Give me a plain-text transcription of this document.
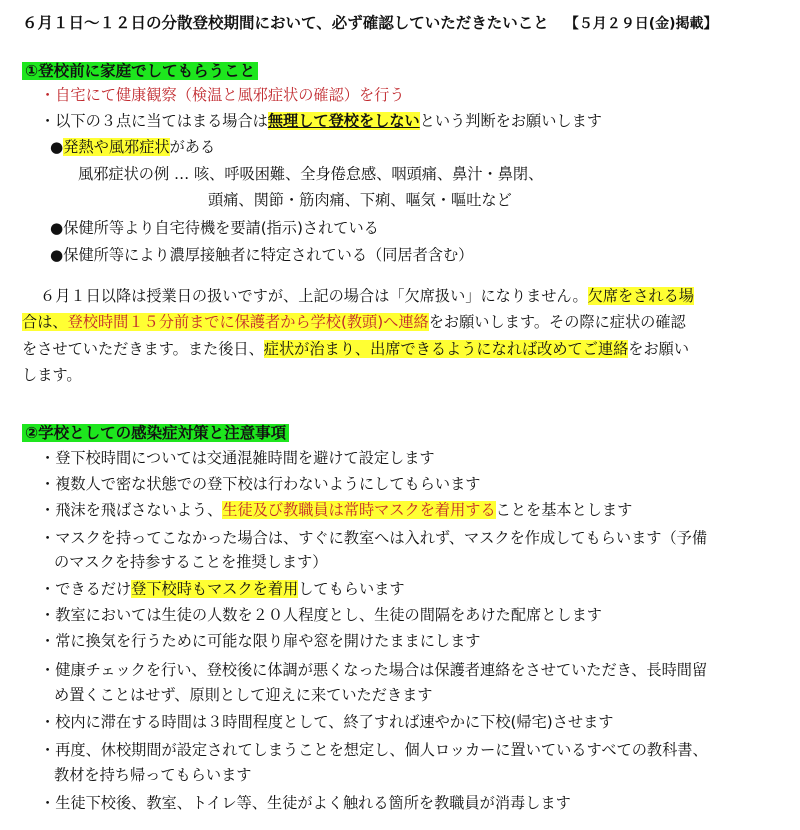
６月１日～１２日の分散登校期間において、必ず確認していただきたいこと 【５月２９日(金)掲載】
①登校前に家庭でしてもらうこと
・自宅にて健康観察（検温と風邪症状の確認）を行う
・以下の３点に当てはまる場合は無理して登校をしないという判断をお願いします
●発熱や風邪症状がある
風邪症状の例 … 咳、呼吸困難、全身倦怠感、咽頭痛、鼻汁・鼻閉、
頭痛、関節・筋肉痛、下痢、嘔気・嘔吐など
●保健所等より自宅待機を要請(指示)されている
●保健所等により濃厚接触者に特定されている（同居者含む）
６月１日以降は授業日の扱いですが、上記の場合は「欠席扱い」になりません。欠席をされる場
合は、登校時間１５分前までに保護者から学校(教頭)へ連絡をお願いします。その際に症状の確認
をさせていただきます。また後日、症状が治まり、出席できるようになれば改めてご連絡をお願い
します。
②学校としての感染症対策と注意事項
・登下校時間については交通混雑時間を避けて設定します
・複数人で密な状態での登下校は行わないようにしてもらいます
・飛沫を飛ばさないよう、生徒及び教職員は常時マスクを着用することを基本とします
・マスクを持ってこなかった場合は、すぐに教室へは入れず、マスクを作成してもらいます（予備
のマスクを持参することを推奨します）
・できるだけ登下校時もマスクを着用してもらいます
・教室においては生徒の人数を２０人程度とし、生徒の間隔をあけた配席とします
・常に換気を行うために可能な限り扉や窓を開けたままにします
・健康チェックを行い、登校後に体調が悪くなった場合は保護者連絡をさせていただき、長時間留
め置くことはせず、原則として迎えに来ていただきます
・校内に滞在する時間は３時間程度として、終了すれば速やかに下校(帰宅)させます
・再度、休校期間が設定されてしまうことを想定し、個人ロッカーに置いているすべての教科書、
教材を持ち帰ってもらいます
・生徒下校後、教室、トイレ等、生徒がよく触れる箇所を教職員が消毒します
